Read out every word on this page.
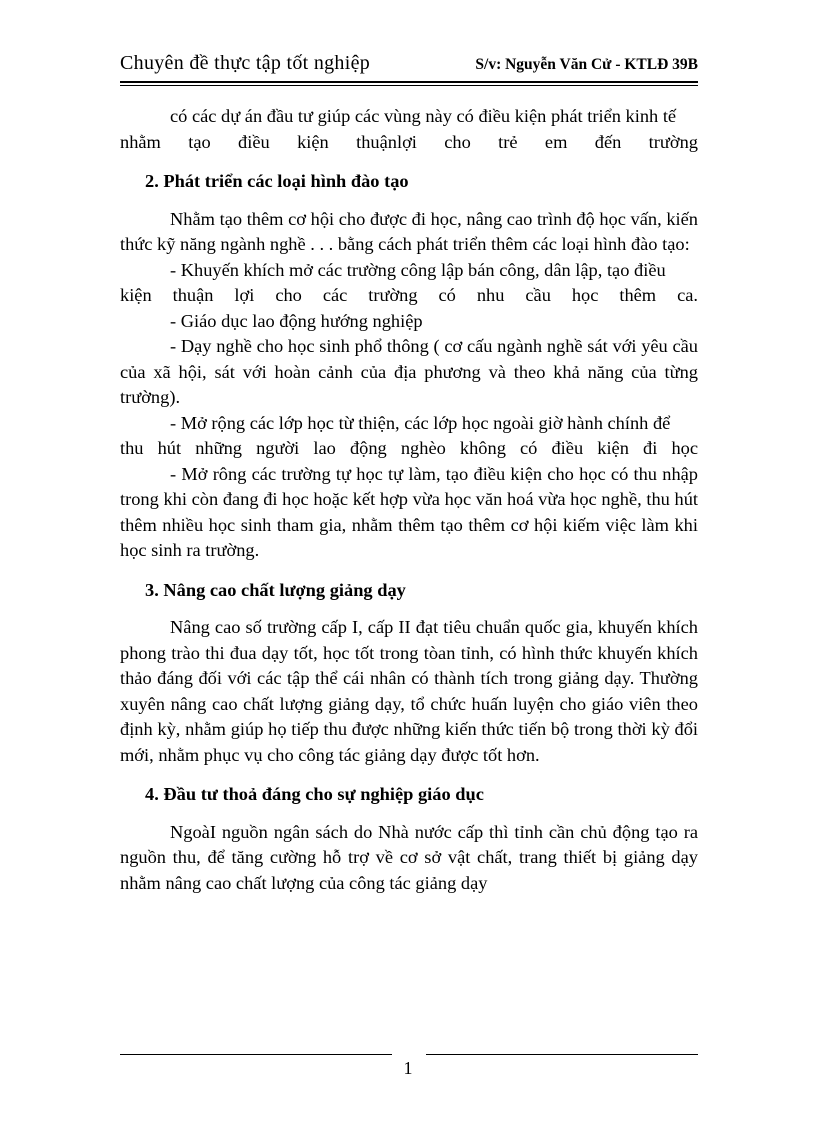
Chuyên đề thực tập tốt nghiệp	S/v: Nguyễn Văn Cử - KTLĐ 39B

có các dự án đầu tư giúp các vùng này có điều kiện phát triển kinh tế

nhằm tạo điều kiện thuậnlợi cho trẻ em đến trường

2. Phát triển các loại hình đào tạo

Nhằm tạo thêm cơ hội cho được đi học, nâng cao trình độ học vấn, kiến thức kỹ năng ngành nghề . . . bằng cách phát triển thêm các loại hình đào tạo:

- Khuyến khích mở các trường công lập bán công, dân lập, tạo điều

kiện thuận lợi cho các trường có nhu cầu học thêm ca.

- Giáo dục lao động hướng nghiệp

- Dạy nghề cho học sinh phổ thông ( cơ cấu ngành nghề sát với yêu cầu của xã hội, sát với hoàn cảnh của địa phương và theo khả năng của từng trường).

- Mở rộng các lớp học từ thiện, các lớp học ngoài giờ hành chính để

thu hút những người lao động nghèo không có điều kiện đi học

- Mở rông các trường tự học tự làm, tạo điều kiện cho học có thu nhập trong khi còn đang đi học hoặc kết hợp vừa học văn hoá vừa học nghề, thu hút thêm nhiều học sinh tham gia, nhằm thêm tạo thêm cơ hội kiếm việc làm khi học sinh ra trường.

3. Nâng cao chất lượng giảng dạy

Nâng cao số trường cấp I, cấp II đạt tiêu chuẩn quốc gia, khuyến khích phong trào thi đua dạy tốt, học tốt trong tòan tỉnh, có hình thức khuyến khích thảo đáng đối với các tập thể cái nhân có thành tích trong giảng dạy. Thường xuyên nâng cao chất lượng giảng dạy, tổ chức huấn luyện cho giáo viên theo định kỳ, nhằm giúp họ tiếp thu được những kiến thức tiến bộ trong thời kỳ đổi mới, nhằm phục vụ cho công tác giảng dạy được tốt hơn.

4. Đầu tư thoả đáng cho sự nghiệp giáo dục

NgoàI nguồn ngân sách do Nhà nước cấp thì tỉnh cần chủ động tạo ra nguồn thu, để tăng cường hỗ trợ về cơ sở vật chất, trang thiết bị giảng dạy nhằm nâng cao chất lượng của công tác giảng dạy

1
